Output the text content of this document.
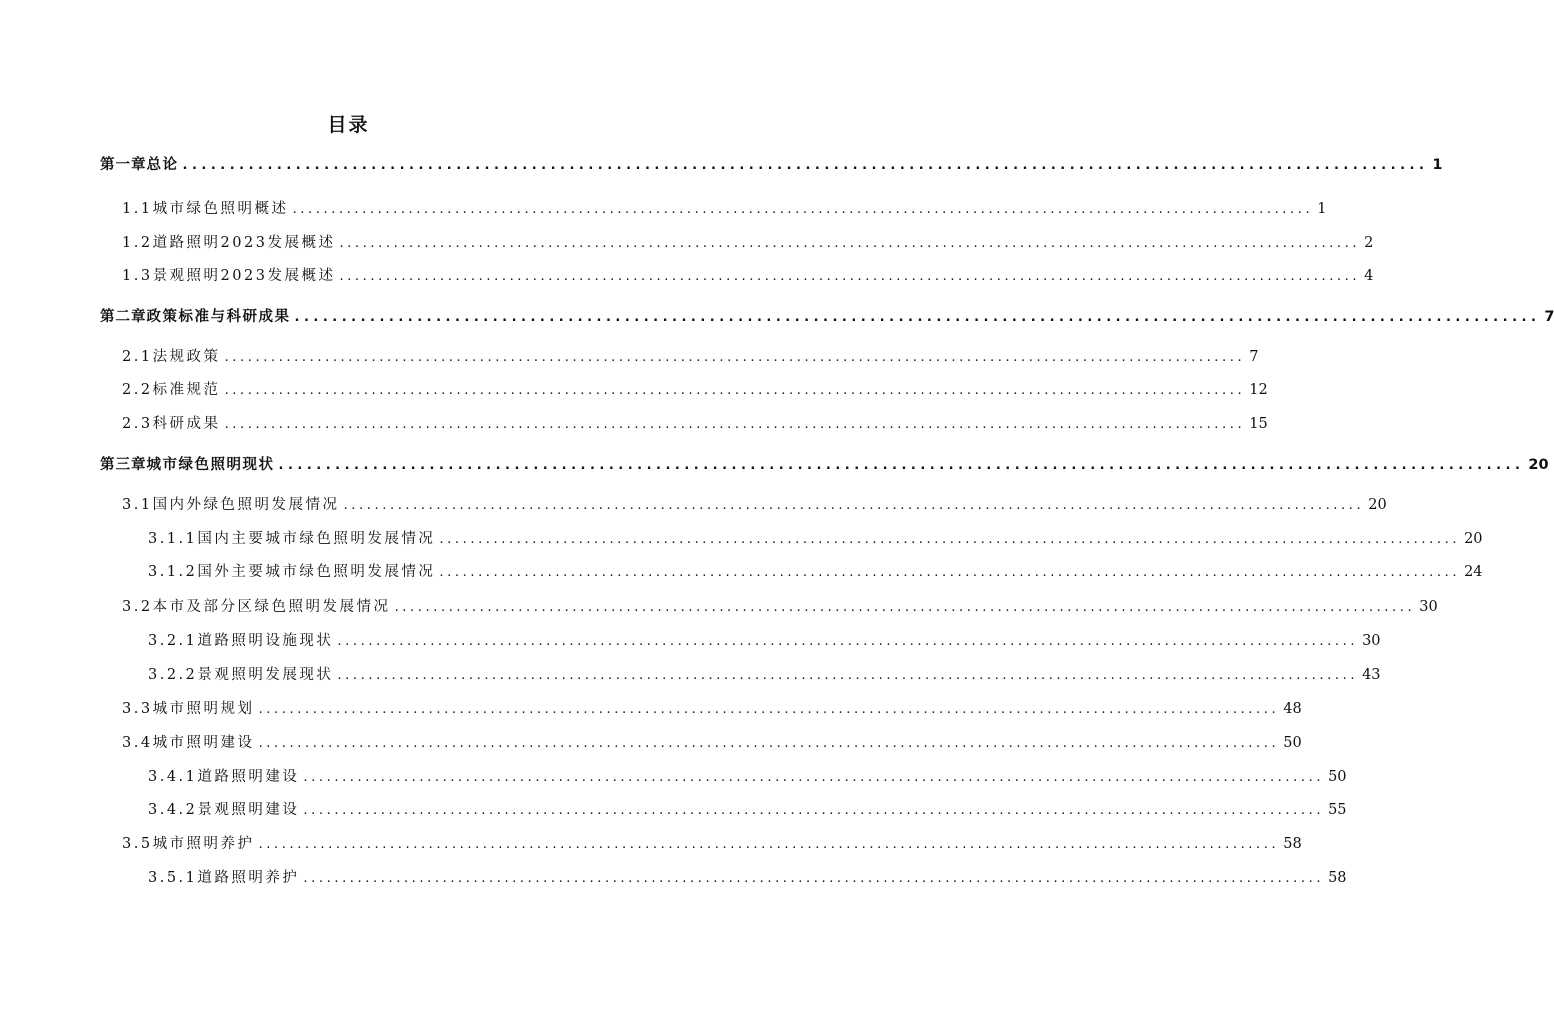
目录
第一章 总论 .................................................................................................................................... 1
1.1 城市绿色照明概述 .................................................................................................................................... 1
1.2 道路照明2023发展概述 .................................................................................................................................... 2
1.3 景观照明2023发展概述 .................................................................................................................................... 4
第二章 政策标准与科研成果 .................................................................................................................................... 7
2.1 法规政策 .................................................................................................................................... 7
2.2 标准规范 .................................................................................................................................... 12
2.3 科研成果 .................................................................................................................................... 15
第三章 城市绿色照明现状 .................................................................................................................................... 20
3.1 国内外绿色照明发展情况 .................................................................................................................................... 20
3.1.1 国内主要城市绿色照明发展情况 .................................................................................................................................... 20
3.1.2 国外主要城市绿色照明发展情况 .................................................................................................................................... 24
3.2 本市及部分区绿色照明发展情况 .................................................................................................................................... 30
3.2.1 道路照明设施现状 .................................................................................................................................... 30
3.2.2 景观照明发展现状 .................................................................................................................................... 43
3.3 城市照明规划 .................................................................................................................................... 48
3.4 城市照明建设 .................................................................................................................................... 50
3.4.1 道路照明建设 .................................................................................................................................... 50
3.4.2 景观照明建设 .................................................................................................................................... 55
3.5 城市照明养护 .................................................................................................................................... 58
3.5.1 道路照明养护 .................................................................................................................................... 58
